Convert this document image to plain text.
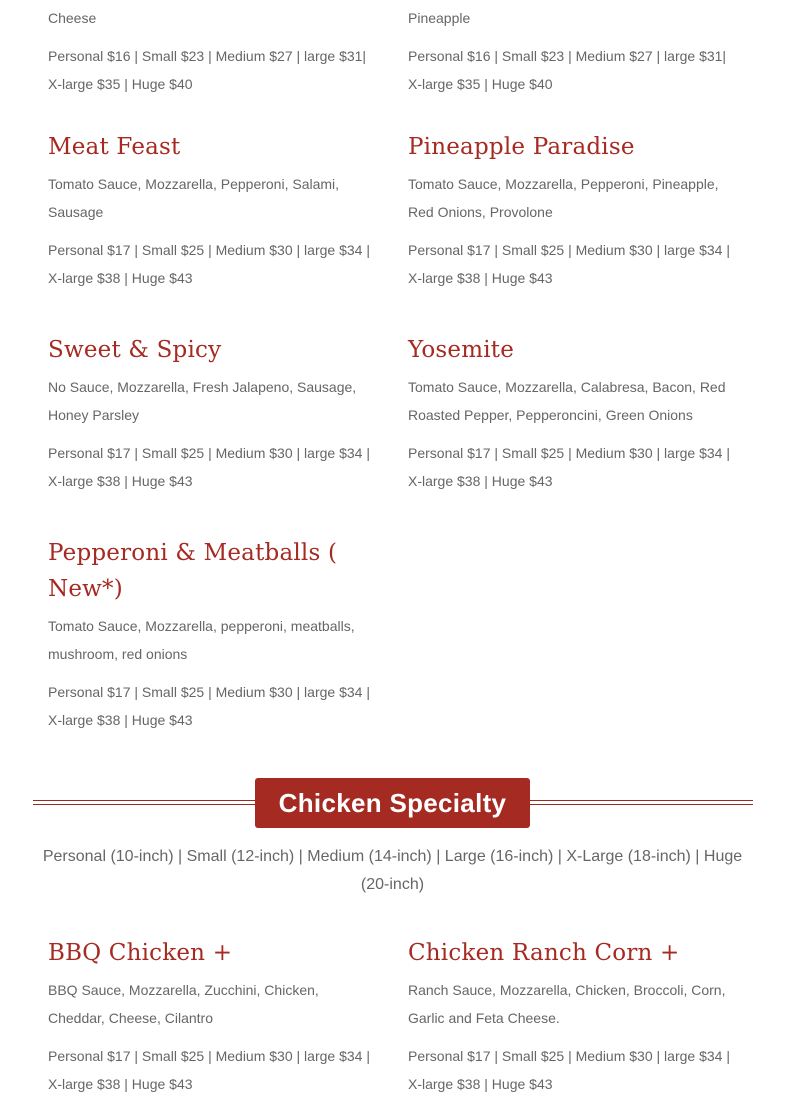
Cheese

Personal $16 | Small $23 | Medium $27 | large $31| X-large $35 | Huge $40

Pineapple

Personal $16 | Small $23 | Medium $27 | large $31| X-large $35 | Huge $40

Meat Feast

Tomato Sauce, Mozzarella, Pepperoni, Salami, Sausage

Personal $17 | Small $25 | Medium $30 | large $34 | X-large $38 | Huge $43

Pineapple Paradise

Tomato Sauce, Mozzarella, Pepperoni, Pineapple, Red Onions, Provolone

Personal $17 | Small $25 | Medium $30 | large $34 | X-large $38 | Huge $43

Sweet & Spicy

No Sauce, Mozzarella, Fresh Jalapeno, Sausage, Honey Parsley

Personal $17 | Small $25 | Medium $30 | large $34 | X-large $38 | Huge $43

Yosemite

Tomato Sauce, Mozzarella, Calabresa, Bacon, Red Roasted Pepper, Pepperoncini, Green Onions

Personal $17 | Small $25 | Medium $30 | large $34 | X-large $38 | Huge $43

Pepperoni & Meatballs ( New*)

Tomato Sauce, Mozzarella, pepperoni, meatballs, mushroom, red onions

Personal $17 | Small $25 | Medium $30 | large $34 | X-large $38 | Huge $43

Chicken Specialty

Personal (10-inch) | Small (12-inch) | Medium (14-inch) | Large (16-inch) | X-Large (18-inch) | Huge (20-inch)

BBQ Chicken +

BBQ Sauce, Mozzarella, Zucchini, Chicken, Cheddar, Cheese, Cilantro

Personal $17 | Small $25 | Medium $30 | large $34 | X-large $38 | Huge $43

Chicken Ranch Corn +

Ranch Sauce, Mozzarella, Chicken, Broccoli, Corn, Garlic and Feta Cheese.

Personal $17 | Small $25 | Medium $30 | large $34 | X-large $38 | Huge $43
